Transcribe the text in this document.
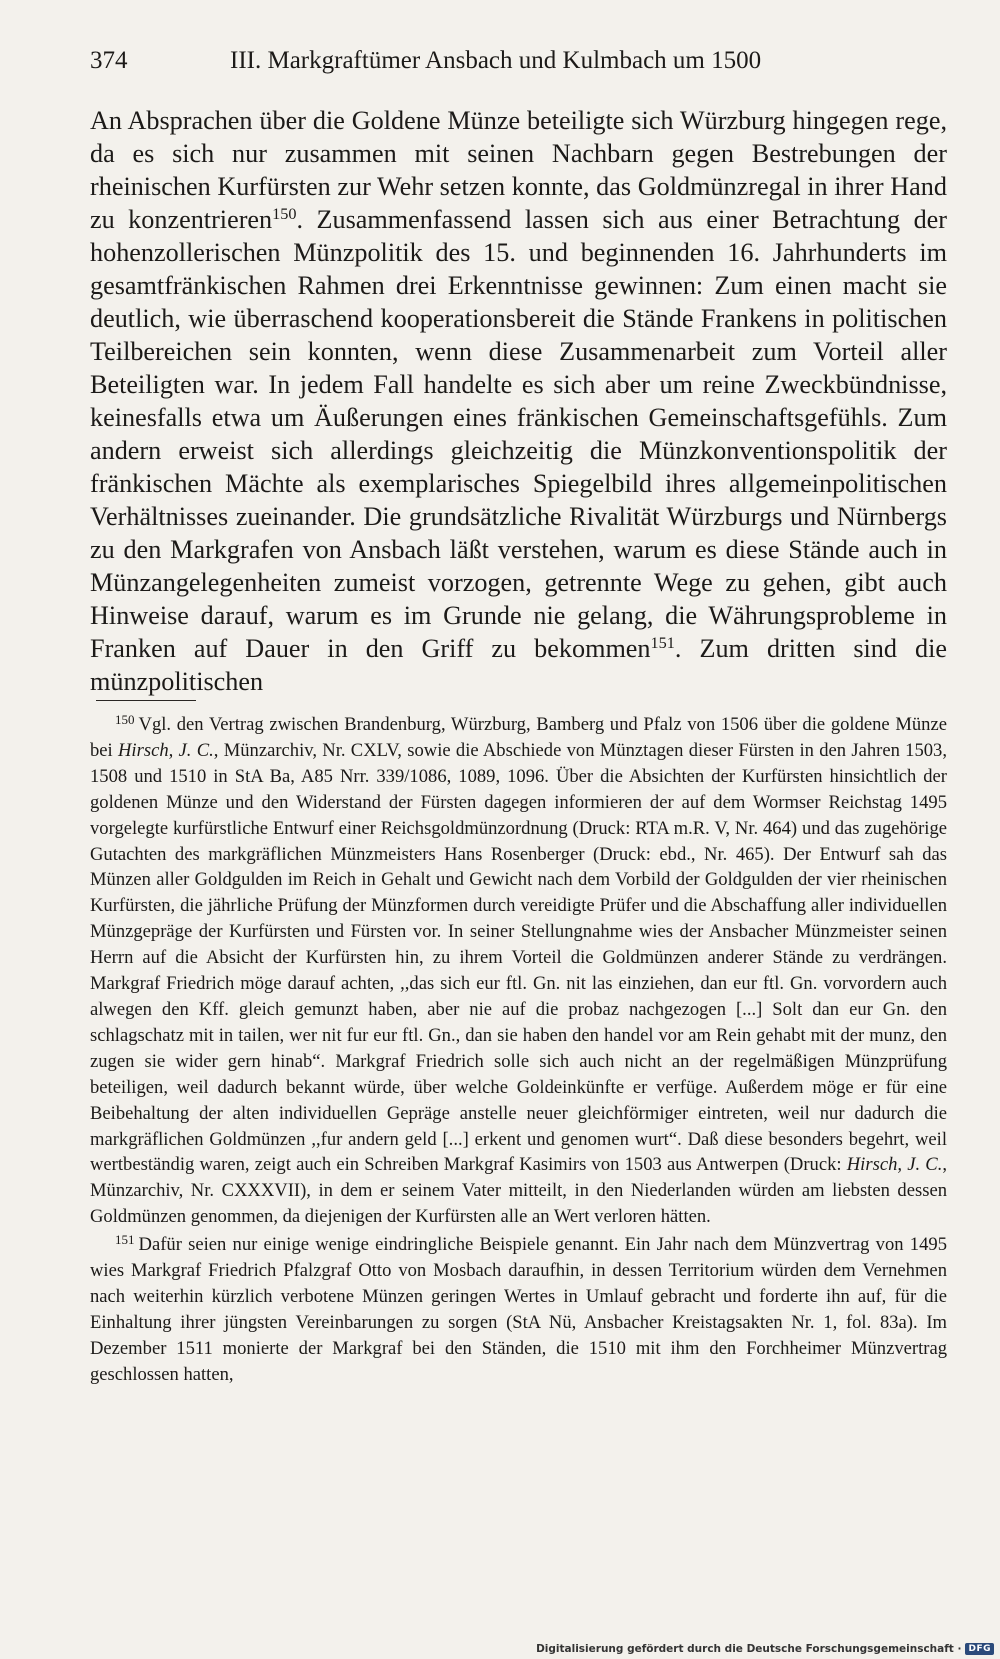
374	III. Markgraftümer Ansbach und Kulmbach um 1500

An Absprachen über die Goldene Münze beteiligte sich Würzburg hingegen rege, da es sich nur zusammen mit seinen Nachbarn gegen Bestrebungen der rheinischen Kurfürsten zur Wehr setzen konnte, das Goldmünzregal in ihrer Hand zu konzentrieren$^{150}$. Zusammenfassend lassen sich aus einer Betrachtung der hohenzollerischen Münzpolitik des 15. und beginnenden 16. Jahrhunderts im gesamtfränkischen Rahmen drei Erkenntnisse gewinnen: Zum einen macht sie deutlich, wie überraschend kooperationsbereit die Stände Frankens in politischen Teilbereichen sein konnten, wenn diese Zusammenarbeit zum Vorteil aller Beteiligten war. In jedem Fall handelte es sich aber um reine Zweckbündnisse, keinesfalls etwa um Äußerungen eines fränkischen Gemeinschaftsgefühls. Zum andern erweist sich allerdings gleichzeitig die Münzkonventionspolitik der fränkischen Mächte als exemplarisches Spiegelbild ihres allgemeinpolitischen Verhältnisses zueinander. Die grundsätzliche Rivalität Würzburgs und Nürnbergs zu den Markgrafen von Ansbach läßt verstehen, warum es diese Stände auch in Münzangelegenheiten zumeist vorzogen, getrennte Wege zu gehen, gibt auch Hinweise darauf, warum es im Grunde nie gelang, die Währungsprobleme in Franken auf Dauer in den Griff zu bekommen$^{151}$. Zum dritten sind die münzpolitischen

$^{150}$ Vgl. den Vertrag zwischen Brandenburg, Würzburg, Bamberg und Pfalz von 1506 über die goldene Münze bei Hirsch, J. C., Münzarchiv, Nr. CXLV, sowie die Abschiede von Münztagen dieser Fürsten in den Jahren 1503, 1508 und 1510 in StA Ba, A85 Nrr. 339/1086, 1089, 1096. Über die Absichten der Kurfürsten hinsichtlich der goldenen Münze und den Widerstand der Fürsten dagegen informieren der auf dem Wormser Reichstag 1495 vorgelegte kurfürstliche Entwurf einer Reichsgoldmünzordnung (Druck: RTA m.R. V, Nr. 464) und das zugehörige Gutachten des markgräflichen Münzmeisters Hans Rosenberger (Druck: ebd., Nr. 465). Der Entwurf sah das Münzen aller Goldgulden im Reich in Gehalt und Gewicht nach dem Vorbild der Goldgulden der vier rheinischen Kurfürsten, die jährliche Prüfung der Münzformen durch vereidigte Prüfer und die Abschaffung aller individuellen Münzgepräge der Kurfürsten und Fürsten vor. In seiner Stellungnahme wies der Ansbacher Münzmeister seinen Herrn auf die Absicht der Kurfürsten hin, zu ihrem Vorteil die Goldmünzen anderer Stände zu verdrängen. Markgraf Friedrich möge darauf achten, ,,das sich eur ftl. Gn. nit las einziehen, dan eur ftl. Gn. vorvordern auch alwegen den Kff. gleich gemunzt haben, aber nie auf die probaz nachgezogen [...] Solt dan eur Gn. den schlagschatz mit in tailen, wer nit fur eur ftl. Gn., dan sie haben den handel vor am Rein gehabt mit der munz, den zugen sie wider gern hinab“. Markgraf Friedrich solle sich auch nicht an der regelmäßigen Münzprüfung beteiligen, weil dadurch bekannt würde, über welche Goldeinkünfte er verfüge. Außerdem möge er für eine Beibehaltung der alten individuellen Gepräge anstelle neuer gleichförmiger eintreten, weil nur dadurch die markgräflichen Goldmünzen ,,fur andern geld [...] erkent und genomen wurt“. Daß diese besonders begehrt, weil wertbeständig waren, zeigt auch ein Schreiben Markgraf Kasimirs von 1503 aus Antwerpen (Druck: Hirsch, J. C., Münzarchiv, Nr. CXXXVII), in dem er seinem Vater mitteilt, in den Niederlanden würden am liebsten dessen Goldmünzen genommen, da diejenigen der Kurfürsten alle an Wert verloren hätten.

$^{151}$ Dafür seien nur einige wenige eindringliche Beispiele genannt. Ein Jahr nach dem Münzvertrag von 1495 wies Markgraf Friedrich Pfalzgraf Otto von Mosbach daraufhin, in dessen Territorium würden dem Vernehmen nach weiterhin kürzlich verbotene Münzen geringen Wertes in Umlauf gebracht und forderte ihn auf, für die Einhaltung ihrer jüngsten Vereinbarungen zu sorgen (StA Nü, Ansbacher Kreistagsakten Nr. 1, fol. 83a). Im Dezember 1511 monierte der Markgraf bei den Ständen, die 1510 mit ihm den Forchheimer Münzvertrag geschlossen hatten,

Digitalisierung gefördert durch die Deutsche Forschungsgemeinschaft · DFG
